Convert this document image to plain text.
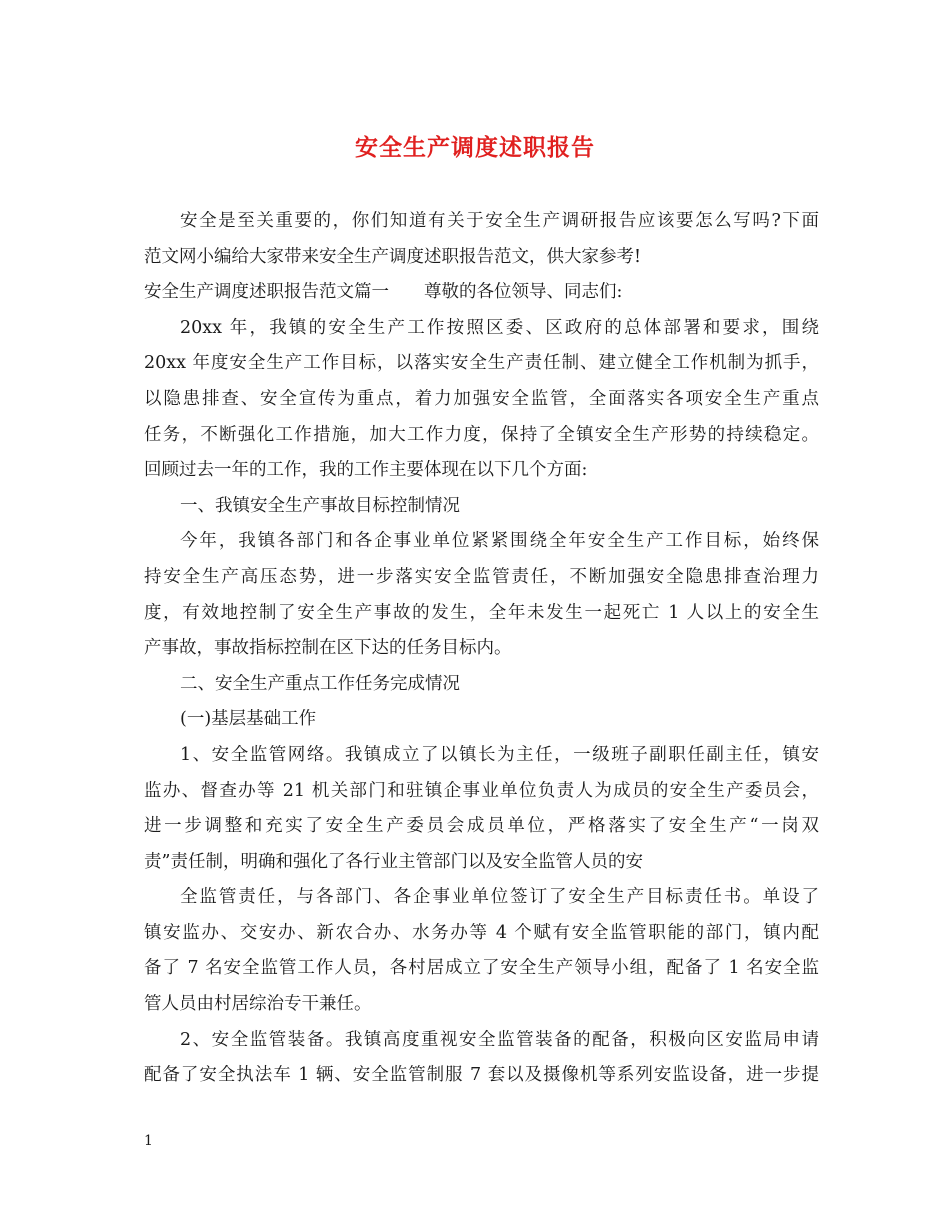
安全生产调度述职报告
安全是至关重要的，你们知道有关于安全生产调研报告应该要怎么写吗?下面
范文网小编给大家带来安全生产调度述职报告范文，供大家参考!
安全生产调度述职报告范文篇一　　尊敬的各位领导、同志们:
20xx 年，我镇的安全生产工作按照区委、区政府的总体部署和要求，围绕
20xx 年度安全生产工作目标，以落实安全生产责任制、建立健全工作机制为抓手，
以隐患排查、安全宣传为重点，着力加强安全监管，全面落实各项安全生产重点
任务，不断强化工作措施，加大工作力度，保持了全镇安全生产形势的持续稳定。
回顾过去一年的工作，我的工作主要体现在以下几个方面:
一、我镇安全生产事故目标控制情况
今年，我镇各部门和各企事业单位紧紧围绕全年安全生产工作目标，始终保
持安全生产高压态势，进一步落实安全监管责任，不断加强安全隐患排查治理力
度，有效地控制了安全生产事故的发生，全年未发生一起死亡 1 人以上的安全生
产事故，事故指标控制在区下达的任务目标内。
二、安全生产重点工作任务完成情况
(一)基层基础工作
1、安全监管网络。我镇成立了以镇长为主任，一级班子副职任副主任，镇安
监办、督查办等 21 机关部门和驻镇企事业单位负责人为成员的安全生产委员会，
进一步调整和充实了安全生产委员会成员单位，严格落实了安全生产“一岗双
责”责任制，明确和强化了各行业主管部门以及安全监管人员的安
全监管责任，与各部门、各企事业单位签订了安全生产目标责任书。单设了
镇安监办、交安办、新农合办、水务办等 4 个赋有安全监管职能的部门，镇内配
备了 7 名安全监管工作人员，各村居成立了安全生产领导小组，配备了 1 名安全监
管人员由村居综治专干兼任。
2、安全监管装备。我镇高度重视安全监管装备的配备，积极向区安监局申请
配备了安全执法车 1 辆、安全监管制服 7 套以及摄像机等系列安监设备，进一步提
1
